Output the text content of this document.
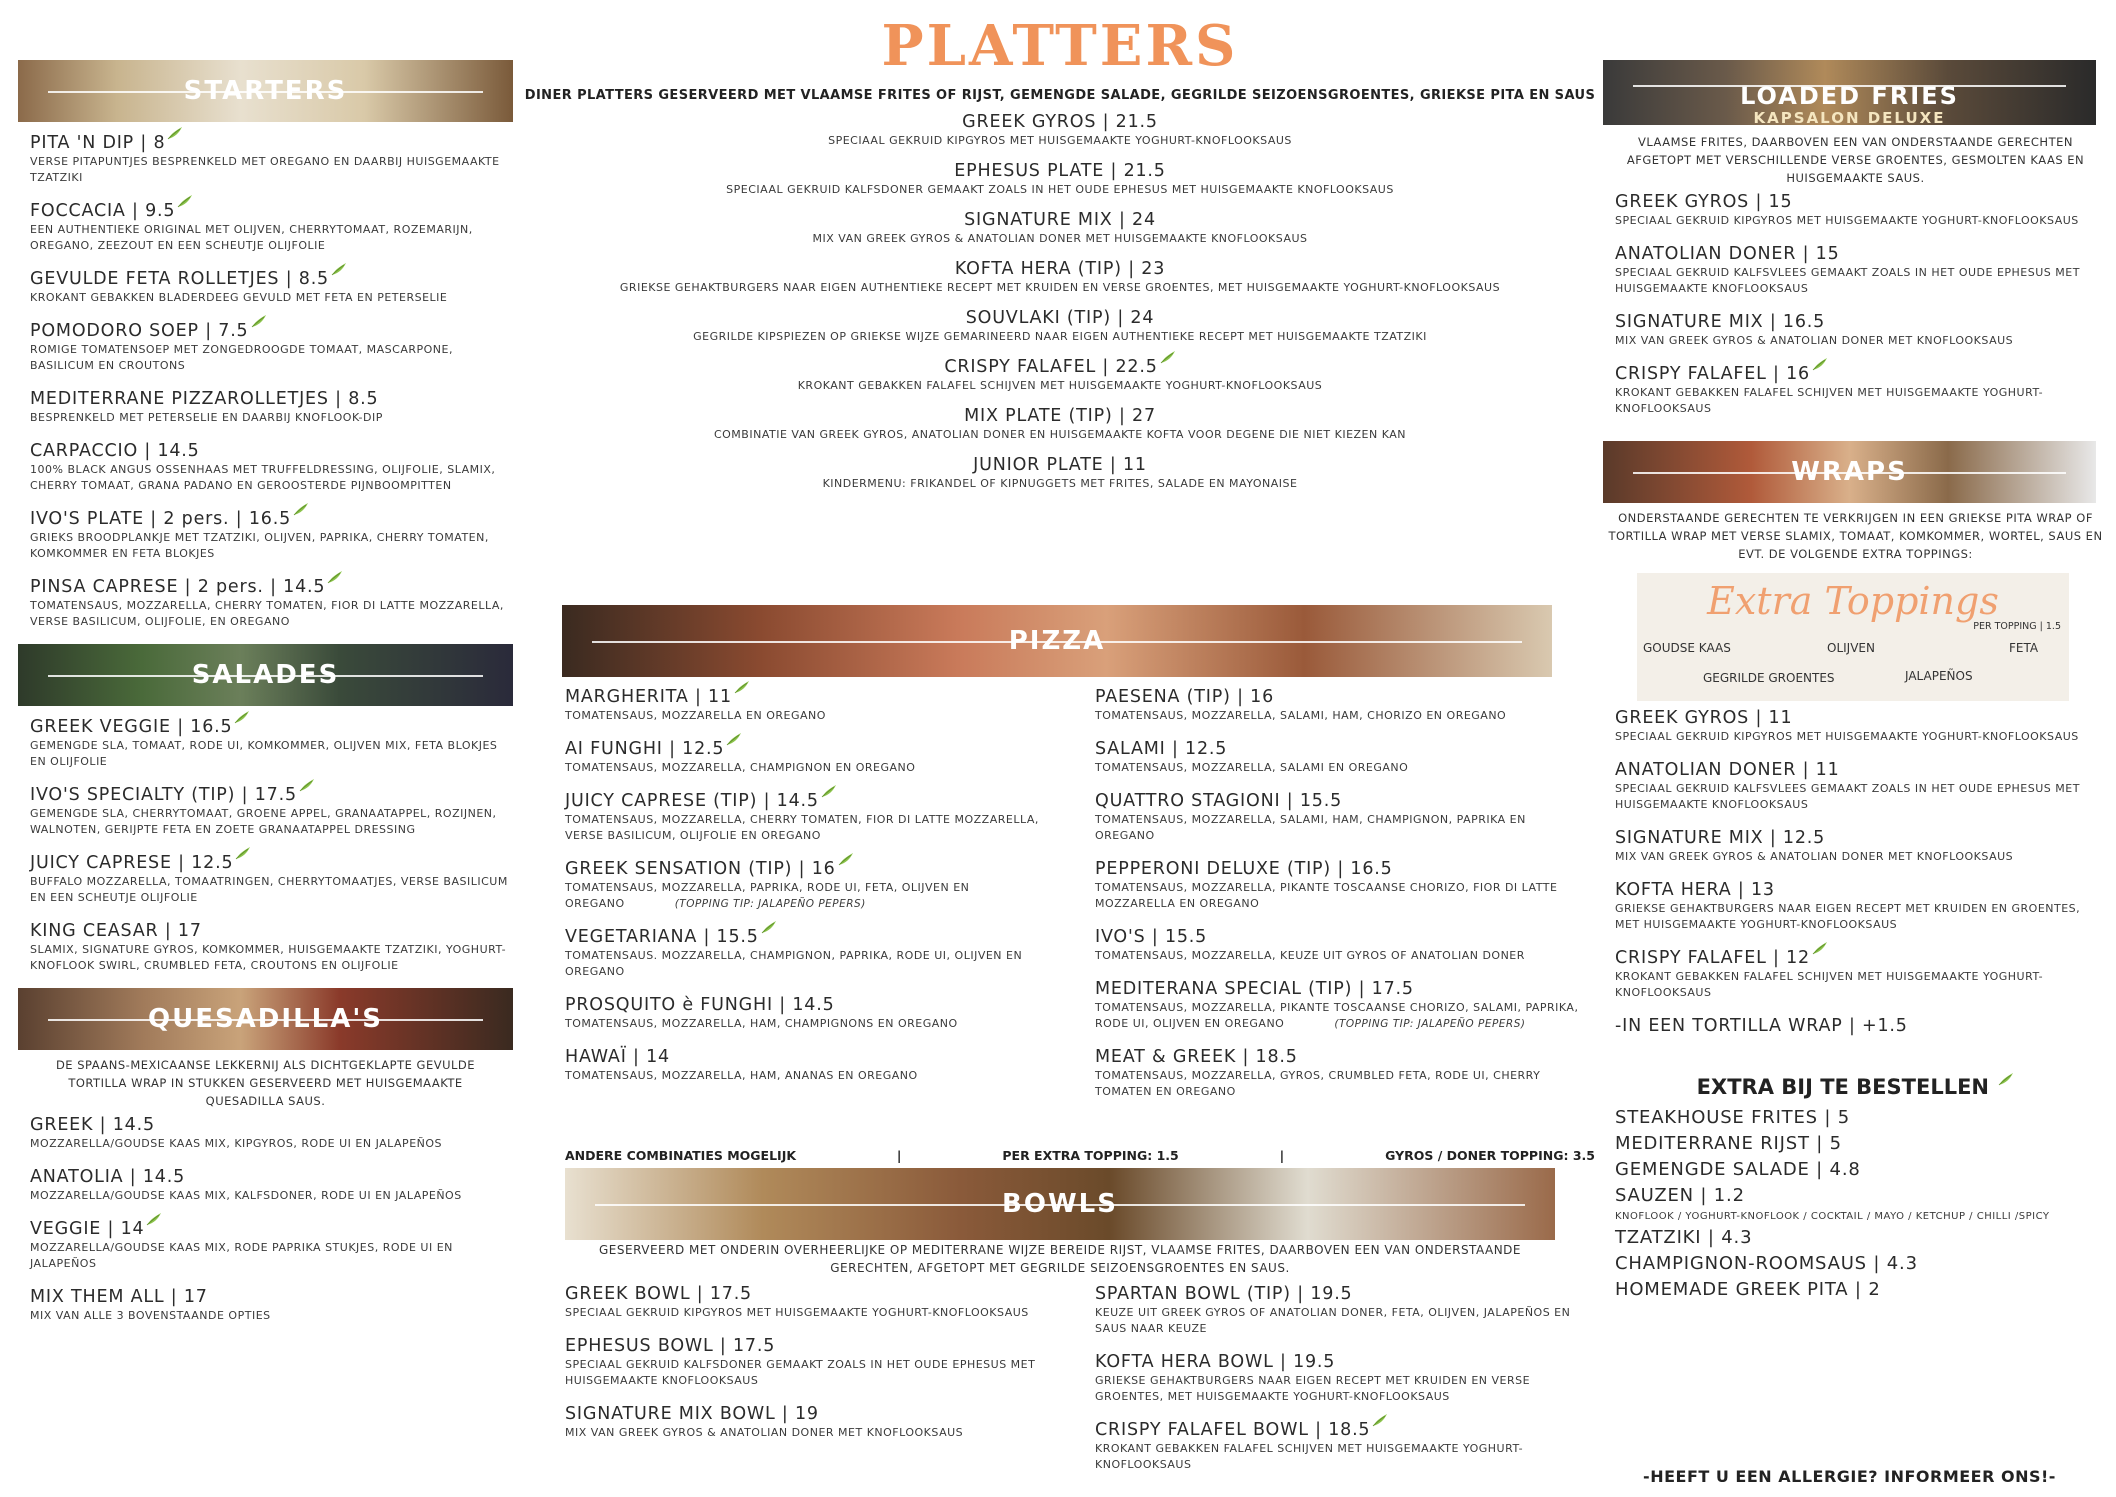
STARTERS
PITA 'N DIP | 8
VERSE PITAPUNTJES BESPRENKELD MET OREGANO EN DAARBIJ HUISGEMAAKTE TZATZIKI
FOCCACIA | 9.5
EEN AUTHENTIEKE ORIGINAL MET OLIJVEN, CHERRYTOMAAT, ROZEMARIJN, OREGANO, ZEEZOUT EN EEN SCHEUTJE OLIJFOLIE
GEVULDE FETA ROLLETJES | 8.5
KROKANT GEBAKKEN BLADERDEEG GEVULD MET FETA EN PETERSELIE
POMODORO SOEP | 7.5
ROMIGE TOMATENSOEP MET ZONGEDROOGDE TOMAAT, MASCARPONE, BASILICUM EN CROUTONS
MEDITERRANE PIZZAROLLETJES | 8.5
BESPRENKELD MET PETERSELIE EN DAARBIJ KNOFLOOK-DIP
CARPACCIO | 14.5
100% BLACK ANGUS OSSENHAAS MET TRUFFELDRESSING, OLIJFOLIE, SLAMIX, CHERRY TOMAAT, GRANA PADANO EN GEROOSTERDE PIJNBOOMPITTEN
IVO'S PLATE | 2 pers. | 16.5
GRIEKS BROODPLANKJE MET TZATZIKI, OLIJVEN, PAPRIKA, CHERRY TOMATEN, KOMKOMMER EN FETA BLOKJES
PINSA CAPRESE | 2 pers. | 14.5
TOMATENSAUS, MOZZARELLA, CHERRY TOMATEN, FIOR DI LATTE MOZZARELLA, VERSE BASILICUM, OLIJFOLIE, EN OREGANO
SALADES
GREEK VEGGIE | 16.5
GEMENGDE SLA, TOMAAT, RODE UI, KOMKOMMER, OLIJVEN MIX, FETA BLOKJES EN OLIJFOLIE
IVO'S SPECIALTY (TIP) | 17.5
GEMENGDE SLA, CHERRYTOMAAT, GROENE APPEL, GRANAATAPPEL, ROZIJNEN, WALNOTEN, GERIJPTE FETA EN ZOETE GRANAATAPPEL DRESSING
JUICY CAPRESE | 12.5
BUFFALO MOZZARELLA, TOMAATRINGEN, CHERRYTOMAATJES, VERSE BASILICUM EN EEN SCHEUTJE OLIJFOLIE
KING CEASAR | 17
SLAMIX, SIGNATURE GYROS, KOMKOMMER, HUISGEMAAKTE TZATZIKI, YOGHURT-KNOFLOOK SWIRL, CRUMBLED FETA, CROUTONS EN OLIJFOLIE
QUESADILLA'S
DE SPAANS-MEXICAANSE LEKKERNIJ ALS DICHTGEKLAPTE GEVULDE TORTILLA WRAP IN STUKKEN GESERVEERD MET HUISGEMAAKTE QUESADILLA SAUS.
GREEK | 14.5
MOZZARELLA/GOUDSE KAAS MIX, KIPGYROS, RODE UI EN JALAPEÑOS
ANATOLIA | 14.5
MOZZARELLA/GOUDSE KAAS MIX, KALFSDONER, RODE UI EN JALAPEÑOS
VEGGIE | 14
MOZZARELLA/GOUDSE KAAS MIX, RODE PAPRIKA STUKJES, RODE UI EN JALAPEÑOS
MIX THEM ALL | 17
MIX VAN ALLE 3 BOVENSTAANDE OPTIES
PLATTERS
DINER PLATTERS GESERVEERD MET VLAAMSE FRITES OF RIJST, GEMENGDE SALADE, GEGRILDE SEIZOENSGROENTES, GRIEKSE PITA EN SAUS
GREEK GYROS | 21.5
SPECIAAL GEKRUID KIPGYROS MET HUISGEMAAKTE YOGHURT-KNOFLOOKSAUS
EPHESUS PLATE | 21.5
SPECIAAL GEKRUID KALFSDONER GEMAAKT ZOALS IN HET OUDE EPHESUS MET HUISGEMAAKTE KNOFLOOKSAUS
SIGNATURE MIX | 24
MIX VAN GREEK GYROS & ANATOLIAN DONER MET HUISGEMAAKTE KNOFLOOKSAUS
KOFTA HERA (TIP) | 23
GRIEKSE GEHAKTBURGERS NAAR EIGEN AUTHENTIEKE RECEPT MET KRUIDEN EN VERSE GROENTES, MET HUISGEMAAKTE YOGHURT-KNOFLOOKSAUS
SOUVLAKI (TIP) | 24
GEGRILDE KIPSPIEZEN OP GRIEKSE WIJZE GEMARINEERD NAAR EIGEN AUTHENTIEKE RECEPT MET HUISGEMAAKTE TZATZIKI
CRISPY FALAFEL | 22.5
KROKANT GEBAKKEN FALAFEL SCHIJVEN MET HUISGEMAAKTE YOGHURT-KNOFLOOKSAUS
MIX PLATE (TIP) | 27
COMBINATIE VAN GREEK GYROS, ANATOLIAN DONER EN HUISGEMAAKTE KOFTA VOOR DEGENE DIE NIET KIEZEN KAN
JUNIOR PLATE | 11
KINDERMENU: FRIKANDEL OF KIPNUGGETS MET FRITES, SALADE EN MAYONAISE
PIZZA
MARGHERITA | 11
TOMATENSAUS, MOZZARELLA EN OREGANO
AI FUNGHI | 12.5
TOMATENSAUS, MOZZARELLA, CHAMPIGNON EN OREGANO
JUICY CAPRESE (TIP) | 14.5
TOMATENSAUS, MOZZARELLA, CHERRY TOMATEN, FIOR DI LATTE MOZZARELLA, VERSE BASILICUM, OLIJFOLIE EN OREGANO
GREEK SENSATION (TIP) | 16
TOMATENSAUS, MOZZARELLA, PAPRIKA, RODE UI, FETA, OLIJVEN EN OREGANO	(TOPPING TIP: JALAPEÑO PEPERS)
VEGETARIANA | 15.5
TOMATENSAUS. MOZZARELLA, CHAMPIGNON, PAPRIKA, RODE UI, OLIJVEN EN OREGANO
PROSQUITO è FUNGHI | 14.5
TOMATENSAUS, MOZZARELLA, HAM, CHAMPIGNONS EN OREGANO
HAWAÏ | 14
TOMATENSAUS, MOZZARELLA, HAM, ANANAS EN OREGANO
PAESENA (TIP) | 16
TOMATENSAUS, MOZZARELLA, SALAMI, HAM, CHORIZO EN OREGANO
SALAMI | 12.5
TOMATENSAUS, MOZZARELLA, SALAMI EN OREGANO
QUATTRO STAGIONI | 15.5
TOMATENSAUS, MOZZARELLA, SALAMI, HAM, CHAMPIGNON, PAPRIKA EN OREGANO
PEPPERONI DELUXE (TIP) | 16.5
TOMATENSAUS, MOZZARELLA, PIKANTE TOSCAANSE CHORIZO, FIOR DI LATTE MOZZARELLA EN OREGANO
IVO'S | 15.5
TOMATENSAUS, MOZZARELLA, KEUZE UIT GYROS OF ANATOLIAN DONER
MEDITERANA SPECIAL (TIP) | 17.5
TOMATENSAUS, MOZZARELLA, PIKANTE TOSCAANSE CHORIZO, SALAMI, PAPRIKA, RODE UI, OLIJVEN EN OREGANO	(TOPPING TIP: JALAPEÑO PEPERS)
MEAT & GREEK | 18.5
TOMATENSAUS, MOZZARELLA, GYROS, CRUMBLED FETA, RODE UI, CHERRY TOMATEN EN OREGANO
ANDERE COMBINATIES MOGELIJK	|	PER EXTRA TOPPING: 1.5	|	GYROS / DONER TOPPING: 3.5
BOWLS
GESERVEERD MET ONDERIN OVERHEERLIJKE OP MEDITERRANE WIJZE BEREIDE RIJST, VLAAMSE FRITES, DAARBOVEN EEN VAN ONDERSTAANDE GERECHTEN, AFGETOPT MET GEGRILDE SEIZOENSGROENTES EN SAUS.
GREEK BOWL | 17.5
SPECIAAL GEKRUID KIPGYROS MET HUISGEMAAKTE YOGHURT-KNOFLOOKSAUS
EPHESUS BOWL | 17.5
SPECIAAL GEKRUID KALFSDONER GEMAAKT ZOALS IN HET OUDE EPHESUS MET HUISGEMAAKTE KNOFLOOKSAUS
SIGNATURE MIX BOWL | 19
MIX VAN GREEK GYROS & ANATOLIAN DONER MET KNOFLOOKSAUS
SPARTAN BOWL (TIP) | 19.5
KEUZE UIT GREEK GYROS OF ANATOLIAN DONER, FETA, OLIJVEN, JALAPEÑOS EN SAUS NAAR KEUZE
KOFTA HERA BOWL | 19.5
GRIEKSE GEHAKTBURGERS NAAR EIGEN RECEPT MET KRUIDEN EN VERSE GROENTES, MET HUISGEMAAKTE YOGHURT-KNOFLOOKSAUS
CRISPY FALAFEL BOWL | 18.5
KROKANT GEBAKKEN FALAFEL SCHIJVEN MET HUISGEMAAKTE YOGHURT-KNOFLOOKSAUS
LOADED FRIES
KAPSALON DELUXE
VLAAMSE FRITES, DAARBOVEN EEN VAN ONDERSTAANDE GERECHTEN AFGETOPT MET VERSCHILLENDE VERSE GROENTES, GESMOLTEN KAAS EN HUISGEMAAKTE SAUS.
GREEK GYROS | 15
SPECIAAL GEKRUID KIPGYROS MET HUISGEMAAKTE YOGHURT-KNOFLOOKSAUS
ANATOLIAN DONER | 15
SPECIAAL GEKRUID KALFSVLEES GEMAAKT ZOALS IN HET OUDE EPHESUS MET HUISGEMAAKTE KNOFLOOKSAUS
SIGNATURE MIX | 16.5
MIX VAN GREEK GYROS & ANATOLIAN DONER MET KNOFLOOKSAUS
CRISPY FALAFEL | 16
KROKANT GEBAKKEN FALAFEL SCHIJVEN MET HUISGEMAAKTE YOGHURT-KNOFLOOKSAUS
WRAPS
ONDERSTAANDE GERECHTEN TE VERKRIJGEN IN EEN GRIEKSE PITA WRAP OF TORTILLA WRAP MET VERSE SLAMIX, TOMAAT, KOMKOMMER, WORTEL, SAUS EN EVT. DE VOLGENDE EXTRA TOPPINGS:
Extra Toppings
PER TOPPING | 1.5
GOUDSE KAAS	OLIJVEN	FETA
GEGRILDE GROENTES	JALAPEÑOS
GREEK GYROS | 11
SPECIAAL GEKRUID KIPGYROS MET HUISGEMAAKTE YOGHURT-KNOFLOOKSAUS
ANATOLIAN DONER | 11
SPECIAAL GEKRUID KALFSVLEES GEMAAKT ZOALS IN HET OUDE EPHESUS MET HUISGEMAAKTE KNOFLOOKSAUS
SIGNATURE MIX | 12.5
MIX VAN GREEK GYROS & ANATOLIAN DONER MET KNOFLOOKSAUS
KOFTA HERA | 13
GRIEKSE GEHAKTBURGERS NAAR EIGEN RECEPT MET KRUIDEN EN GROENTES, MET HUISGEMAAKTE YOGHURT-KNOFLOOKSAUS
CRISPY FALAFEL | 12
KROKANT GEBAKKEN FALAFEL SCHIJVEN MET HUISGEMAAKTE YOGHURT-KNOFLOOKSAUS
-IN EEN TORTILLA WRAP | +1.5
EXTRA BIJ TE BESTELLEN
STEAKHOUSE FRITES | 5
MEDITERRANE RIJST | 5
GEMENGDE SALADE | 4.8
SAUZEN | 1.2
KNOFLOOK / YOGHURT-KNOFLOOK / COCKTAIL / MAYO / KETCHUP / CHILLI /SPICY
TZATZIKI | 4.3
CHAMPIGNON-ROOMSAUS | 4.3
HOMEMADE GREEK PITA | 2
-HEEFT U EEN ALLERGIE? INFORMEER ONS!-
